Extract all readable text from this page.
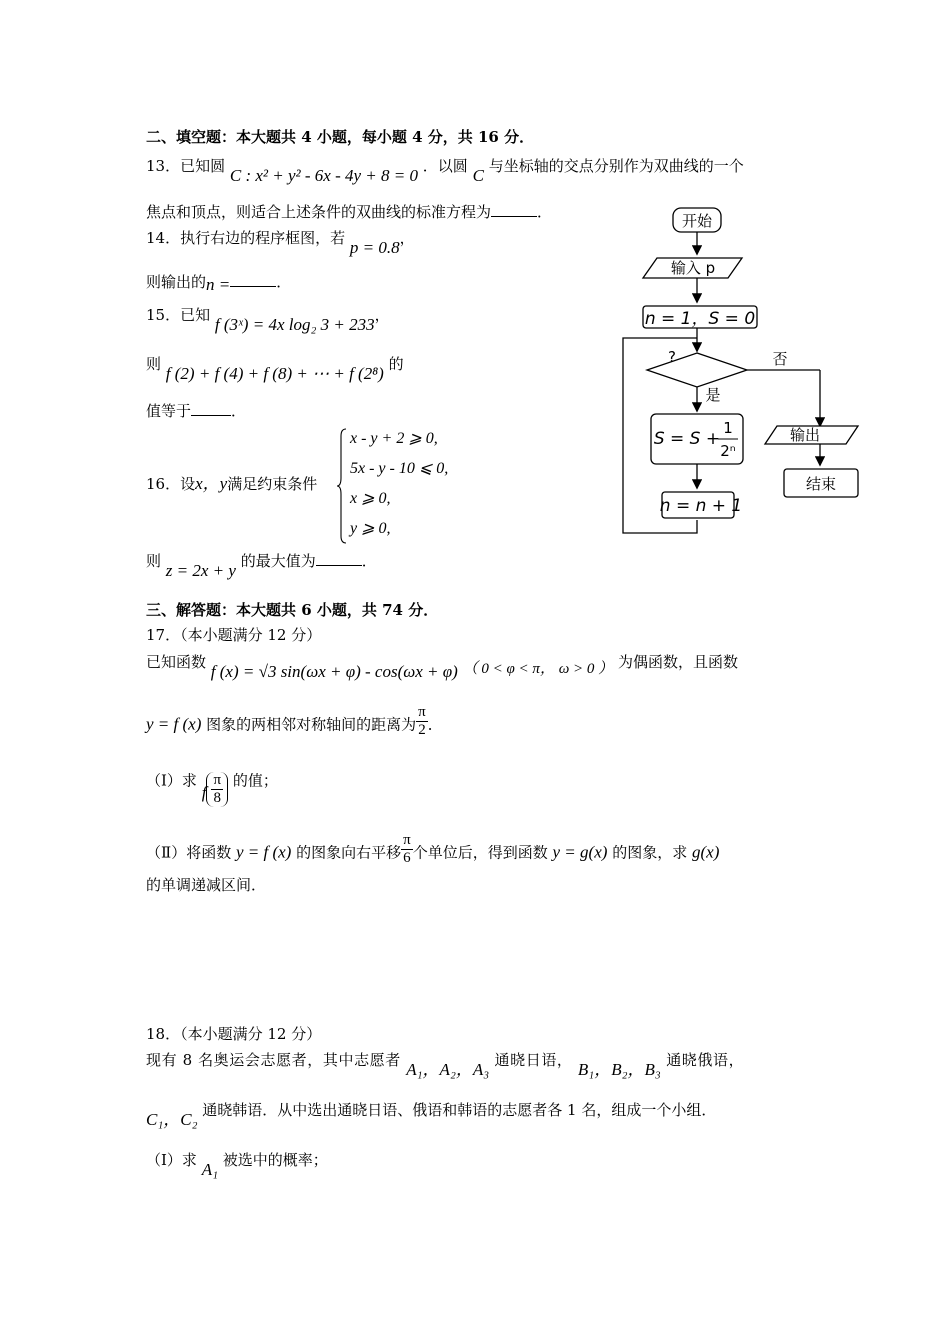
二、填空题：本大题共 4 小题，每小题 4 分，共 16 分．
13．已知圆 C : x² + y² - 6x - 4y + 8 = 0 ．以圆 C 与坐标轴的交点分别作为双曲线的一个
焦点和顶点，则适合上述条件的双曲线的标准方程为	．
14．执行右边的程序框图，若 p = 0.8，
则输出的n =	．
15．已知 f (3ˣ) = 4x log₂ 3 + 233，
则 f (2) + f (4) + f (8) + ⋯ + f (2⁸) 的
值等于	．
16．设x，y满足约束条件
x - y + 2 ⩾ 0,
5x - y - 10 ⩽ 0,
x ⩾ 0,
y ⩾ 0,
则 z = 2x + y 的最大值为	．
开始
输入 p
n = 1，S = 0
?	否
是
S = S +
1
2ⁿ
n = n + 1
输出
结束
三、解答题：本大题共 6 小题，共 74 分．
17．（本小题满分 12 分）
已知函数 f (x) = √3 sin(ωx + φ) - cos(ωx + φ) （ 0 < φ < π， ω > 0 ） 为偶函数，且函数
y = f (x) 图象的两相邻对称轴间的距离为 $\frac{\pi}{2}$ ．
（Ⅰ）求 f $\frac{\pi}{8}$ 的值；
（Ⅱ）将函数 y = f (x) 的图象向右平移 $\frac{\pi}{6}$ 个单位后，得到函数 y = g(x) 的图象，求 g(x)
的单调递减区间．
18．（本小题满分 12 分）
现有 8 名奥运会志愿者，其中志愿者 A₁，A₂，A₃ 通晓日语， B₁，B₂，B₃ 通晓俄语，
C₁，C₂ 通晓韩语．从中选出通晓日语、俄语和韩语的志愿者各 1 名，组成一个小组．
（Ⅰ）求 A₁ 被选中的概率；
